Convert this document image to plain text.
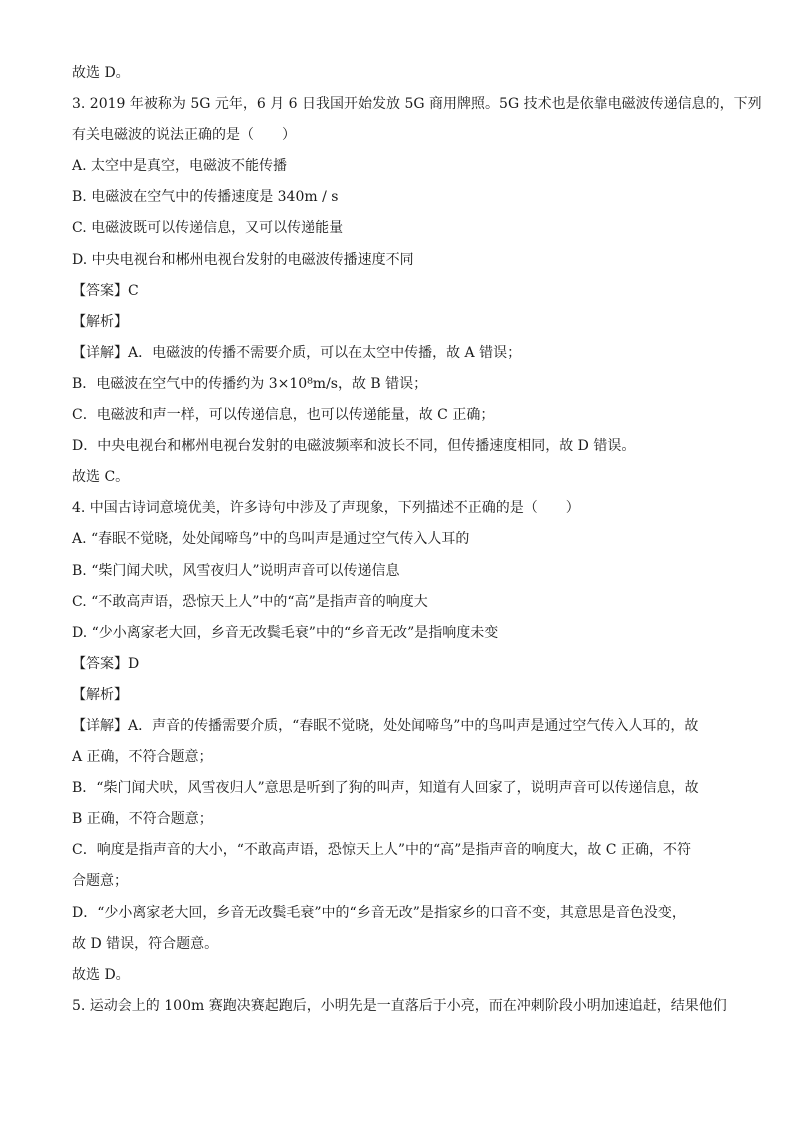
故选 D。
3. 2019 年被称为 5G 元年，6 月 6 日我国开始发放 5G 商用牌照。5G 技术也是依靠电磁波传递信息的，下列
有关电磁波的说法正确的是（　　）
A. 太空中是真空，电磁波不能传播
B. 电磁波在空气中的传播速度是 340m / s
C. 电磁波既可以传递信息，又可以传递能量
D. 中央电视台和郴州电视台发射的电磁波传播速度不同
【答案】C
【解析】
【详解】A．电磁波的传播不需要介质，可以在太空中传播，故 A 错误；
B．电磁波在空气中的传播约为 3×10⁸m/s，故 B 错误；
C．电磁波和声一样，可以传递信息，也可以传递能量，故 C 正确；
D．中央电视台和郴州电视台发射的电磁波频率和波长不同，但传播速度相同，故 D 错误。
故选 C。
4. 中国古诗词意境优美，许多诗句中涉及了声现象，下列描述不正确的是（　　）
A. “春眠不觉晓，处处闻啼鸟”中的鸟叫声是通过空气传入人耳的
B. “柴门闻犬吠，风雪夜归人”说明声音可以传递信息
C. “不敢高声语，恐惊天上人”中的“高”是指声音的响度大
D. “少小离家老大回，乡音无改鬓毛衰”中的“乡音无改”是指响度未变
【答案】D
【解析】
【详解】A．声音的传播需要介质，“春眠不觉晓，处处闻啼鸟”中的鸟叫声是通过空气传入人耳的，故
A 正确，不符合题意；
B．“柴门闻犬吠，风雪夜归人”意思是听到了狗的叫声，知道有人回家了，说明声音可以传递信息，故
B 正确，不符合题意；
C．响度是指声音的大小，“不敢高声语，恐惊天上人”中的“高”是指声音的响度大，故 C 正确，不符
合题意；
D．“少小离家老大回，乡音无改鬓毛衰”中的“乡音无改”是指家乡的口音不变，其意思是音色没变，
故 D 错误，符合题意。
故选 D。
5. 运动会上的 100m 赛跑决赛起跑后，小明先是一直落后于小亮，而在冲刺阶段小明加速追赶，结果他们
